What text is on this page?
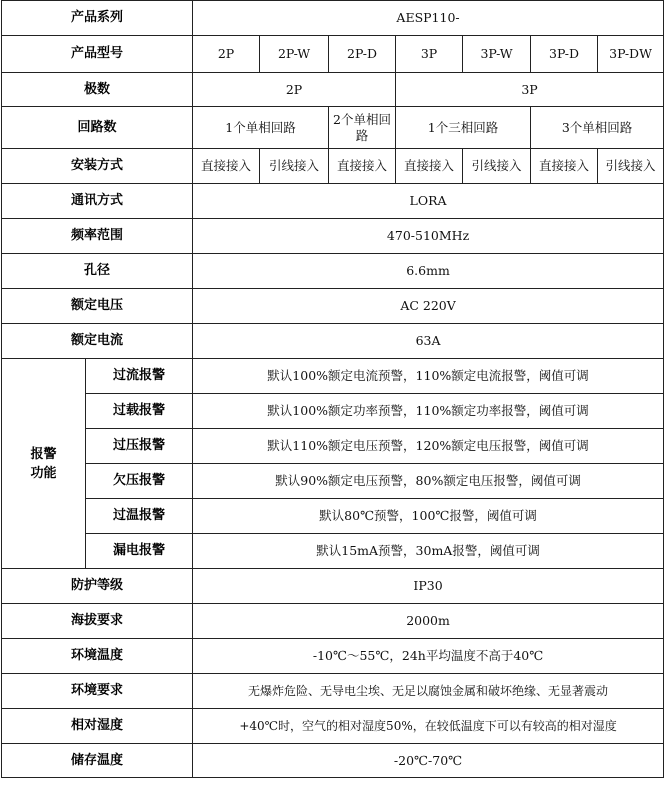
产品系列		AESP110-						
产品型号		2P	2P-W	2P-D	3P	3P-W	3P-D	3P-DW
极数		2P			3P			
回路数		1个单相回路		2个单相回路	1个三相回路		3个单相回路	
安装方式		直接接入	引线接入	直接接入	直接接入	引线接入	直接接入	引线接入
通讯方式		LORA						
频率范围		470-510MHz						
孔径		6.6mm						
额定电压		AC 220V						
额定电流		63A						
报警功能	过流报警	默认100%额定电流预警，110%额定电流报警，阈值可调						
	过载报警	默认100%额定功率预警，110%额定功率报警，阈值可调						
	过压报警	默认110%额定电压预警，120%额定电压报警，阈值可调						
	欠压报警	默认90%额定电压预警，80%额定电压报警，阈值可调						
	过温报警	默认80℃预警，100℃报警，阈值可调						
	漏电报警	默认15mA预警，30mA报警，阈值可调						
防护等级		IP30						
海拔要求		2000m						
环境温度		-10℃～55℃，24h平均温度不高于40℃						
环境要求		无爆炸危险、无导电尘埃、无足以腐蚀金属和破坏绝缘、无显著震动						
相对湿度		+40℃时，空气的相对湿度50%，在较低温度下可以有较高的相对湿度						
储存温度		-20℃-70℃						
